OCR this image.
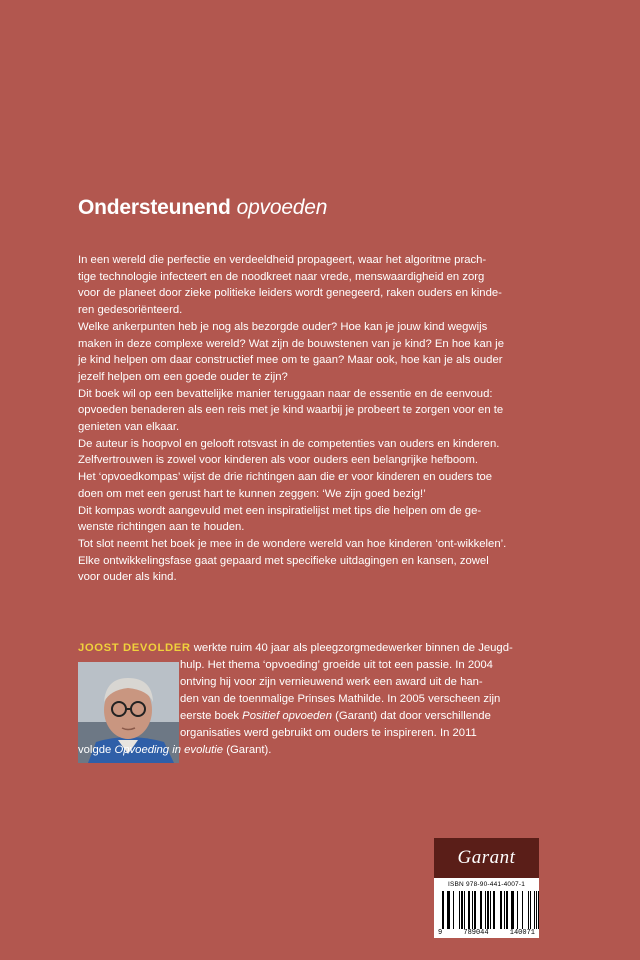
Ondersteunend opvoeden

In een wereld die perfectie en verdeeldheid propageert, waar het algoritme prach-

tige technologie infecteert en de noodkreet naar vrede, menswaardigheid en zorg

voor de planeet door zieke politieke leiders wordt genegeerd, raken ouders en kinde-

ren gedesoriënteerd.

Welke ankerpunten heb je nog als bezorgde ouder? Hoe kan je jouw kind wegwijs

maken in deze complexe wereld? Wat zijn de bouwstenen van je kind? En hoe kan je

je kind helpen om daar constructief mee om te gaan? Maar ook, hoe kan je als ouder

jezelf helpen om een goede ouder te zijn?

Dit boek wil op een bevattelijke manier teruggaan naar de essentie en de eenvoud:

opvoeden benaderen als een reis met je kind waarbij je probeert te zorgen voor en te

genieten van elkaar.

De auteur is hoopvol en gelooft rotsvast in de competenties van ouders en kinderen.

Zelfvertrouwen is zowel voor kinderen als voor ouders een belangrijke hefboom.

Het ‘opvoedkompas’ wijst de drie richtingen aan die er voor kinderen en ouders toe

doen om met een gerust hart te kunnen zeggen: ‘We zijn goed bezig!’

Dit kompas wordt aangevuld met een inspiratielijst met tips die helpen om de ge-

wenste richtingen aan te houden.

Tot slot neemt het boek je mee in de wondere wereld van hoe kinderen ‘ont-wikkelen’.

Elke ontwikkelingsfase gaat gepaard met specifieke uitdagingen en kansen, zowel

voor ouder als kind.

JOOST DEVOLDER werkte ruim 40 jaar als pleegzorgmedewerker binnen de Jeugd-

hulp. Het thema ‘opvoeding’ groeide uit tot een passie. In 2004

ontving hij voor zijn vernieuwend werk een award uit de han-

den van de toenmalige Prinses Mathilde. In 2005 verscheen zijn

eerste boek Positief opvoeden (Garant) dat door verschillende

organisaties werd gebruikt om ouders te inspireren. In 2011

volgde Opvoeding in evolutie (Garant).

Garant
ISBN 978-90-441-4007-1
9	789044	140071
